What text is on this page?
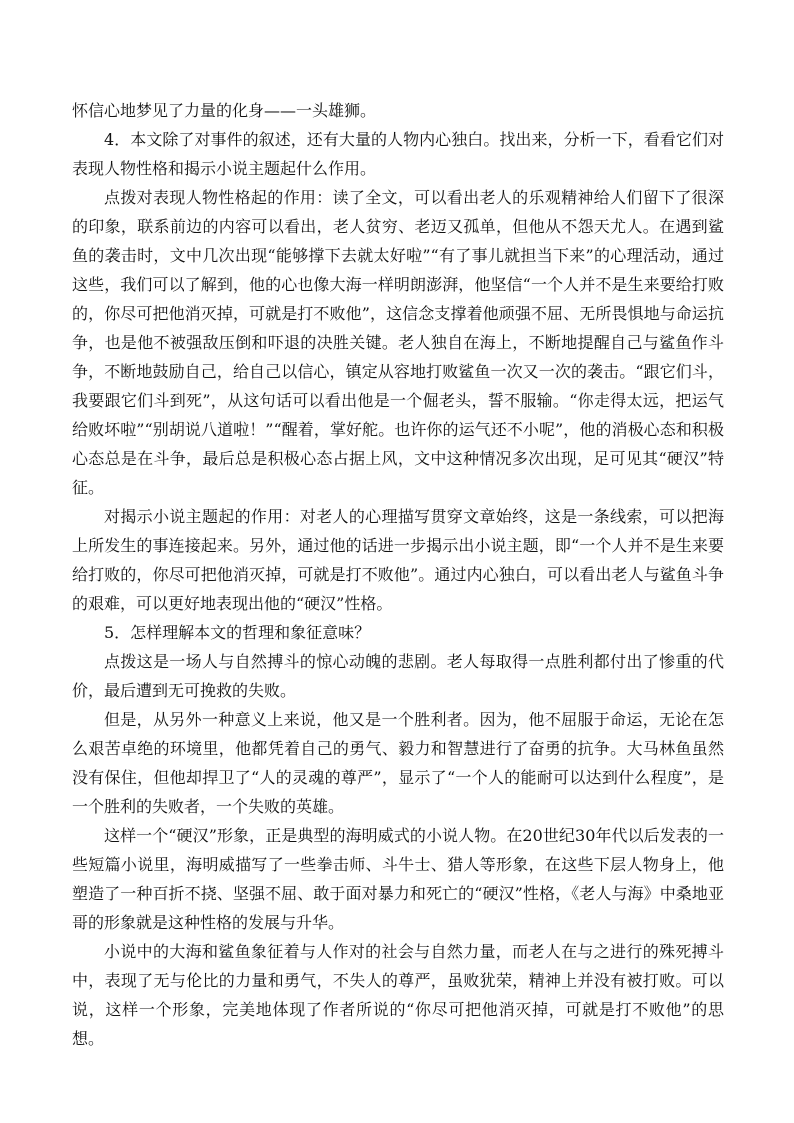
怀信心地梦见了力量的化身——一头雄狮。

4．本文除了对事件的叙述，还有大量的人物内心独白。找出来，分析一下，看看它们对表现人物性格和揭示小说主题起什么作用。

点拨对表现人物性格起的作用：读了全文，可以看出老人的乐观精神给人们留下了很深的印象，联系前边的内容可以看出，老人贫穷、老迈又孤单，但他从不怨天尤人。在遇到鲨鱼的袭击时，文中几次出现“能够撑下去就太好啦”“有了事儿就担当下来”的心理活动，通过这些，我们可以了解到，他的心也像大海一样明朗澎湃，他坚信“一个人并不是生来要给打败的，你尽可把他消灭掉，可就是打不败他”，这信念支撑着他顽强不屈、无所畏惧地与命运抗争，也是他不被强敌压倒和吓退的决胜关键。老人独自在海上，不断地提醒自己与鲨鱼作斗争，不断地鼓励自己，给自己以信心，镇定从容地打败鲨鱼一次又一次的袭击。“跟它们斗，我要跟它们斗到死”，从这句话可以看出他是一个倔老头，誓不服输。“你走得太远，把运气给败坏啦”“别胡说八道啦！”“醒着，掌好舵。也许你的运气还不小呢”，他的消极心态和积极心态总是在斗争，最后总是积极心态占据上风，文中这种情况多次出现，足可见其“硬汉”特征。

对揭示小说主题起的作用：对老人的心理描写贯穿文章始终，这是一条线索，可以把海上所发生的事连接起来。另外，通过他的话进一步揭示出小说主题，即“一个人并不是生来要给打败的，你尽可把他消灭掉，可就是打不败他”。通过内心独白，可以看出老人与鲨鱼斗争的艰难，可以更好地表现出他的“硬汉”性格。

5．怎样理解本文的哲理和象征意味？

点拨这是一场人与自然搏斗的惊心动魄的悲剧。老人每取得一点胜利都付出了惨重的代价，最后遭到无可挽救的失败。

但是，从另外一种意义上来说，他又是一个胜利者。因为，他不屈服于命运，无论在怎么艰苦卓绝的环境里，他都凭着自己的勇气、毅力和智慧进行了奋勇的抗争。大马林鱼虽然没有保住，但他却捍卫了“人的灵魂的尊严”，显示了“一个人的能耐可以达到什么程度”，是一个胜利的失败者，一个失败的英雄。

这样一个“硬汉”形象，正是典型的海明威式的小说人物。在20世纪30年代以后发表的一些短篇小说里，海明威描写了一些拳击师、斗牛士、猎人等形象，在这些下层人物身上，他塑造了一种百折不挠、坚强不屈、敢于面对暴力和死亡的“硬汉”性格，《老人与海》中桑地亚哥的形象就是这种性格的发展与升华。

小说中的大海和鲨鱼象征着与人作对的社会与自然力量，而老人在与之进行的殊死搏斗中，表现了无与伦比的力量和勇气，不失人的尊严，虽败犹荣，精神上并没有被打败。可以说，这样一个形象，完美地体现了作者所说的“你尽可把他消灭掉，可就是打不败他”的思想。
